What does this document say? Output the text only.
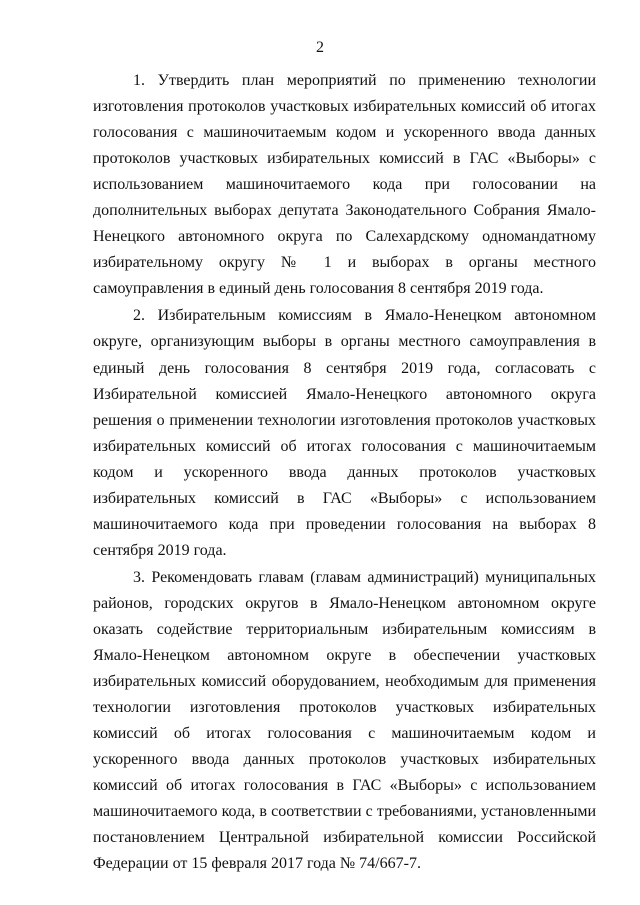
2

1. Утвердить план мероприятий по применению технологии изготовления протоколов участковых избирательных комиссий об итогах голосования с машиночитаемым кодом и ускоренного ввода данных протоколов участковых избирательных комиссий в ГАС «Выборы» с использованием машиночитаемого кода при голосовании на дополнительных выборах депутата Законодательного Собрания Ямало-Ненецкого автономного округа по Салехардскому одномандатному избирательному округу № 1 и выборах в органы местного самоуправления в единый день голосования 8 сентября 2019 года.

2. Избирательным комиссиям в Ямало-Ненецком автономном округе, организующим выборы в органы местного самоуправления в единый день голосования 8 сентября 2019 года, согласовать с Избирательной комиссией Ямало-Ненецкого автономного округа решения о применении технологии изготовления протоколов участковых избирательных комиссий об итогах голосования с машиночитаемым кодом и ускоренного ввода данных протоколов участковых избирательных комиссий в ГАС «Выборы» с использованием машиночитаемого кода при проведении голосования на выборах 8 сентября 2019 года.

3. Рекомендовать главам (главам администраций) муниципальных районов, городских округов в Ямало-Ненецком автономном округе оказать содействие территориальным избирательным комиссиям в Ямало-Ненецком автономном округе в обеспечении участковых избирательных комиссий оборудованием, необходимым для применения технологии изготовления протоколов участковых избирательных комиссий об итогах голосования с машиночитаемым кодом и ускоренного ввода данных протоколов участковых избирательных комиссий об итогах голосования в ГАС «Выборы» с использованием машиночитаемого кода, в соответствии с требованиями, установленными постановлением Центральной избирательной комиссии Российской Федерации от 15 февраля 2017 года № 74/667-7.
